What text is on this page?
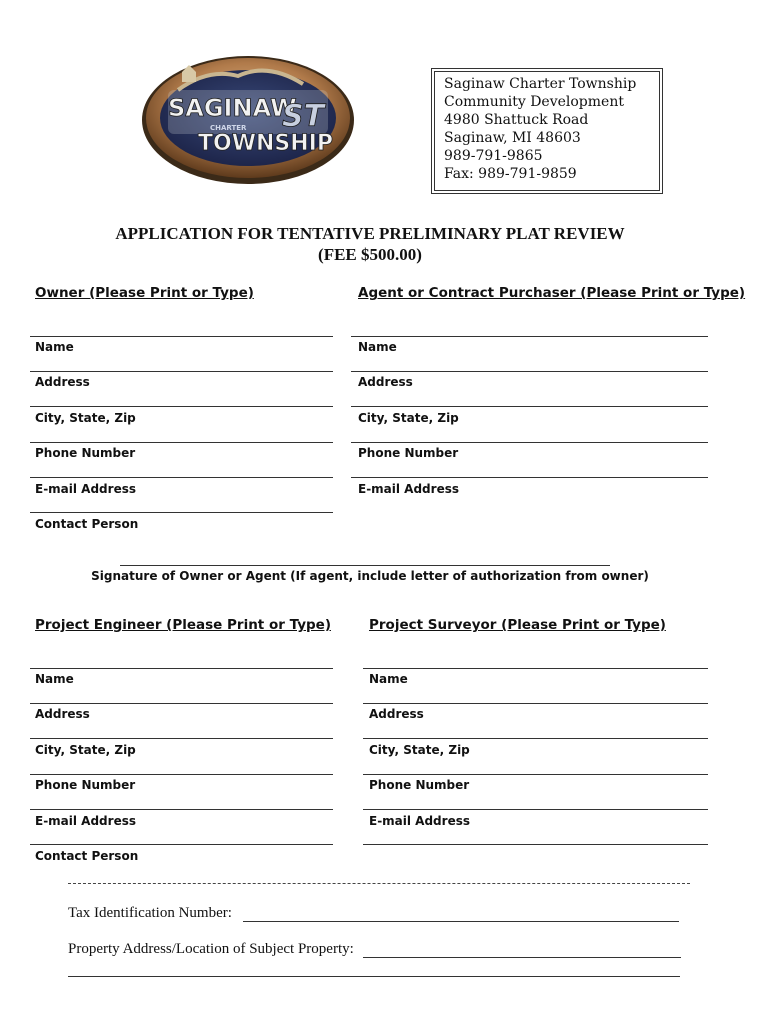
SAGINAW
CHARTER
TOWNSHIP
ST
Saginaw Charter Township
Community Development
4980 Shattuck Road
Saginaw, MI 48603
989-791-9865
Fax: 989-791-9859
APPLICATION FOR TENTATIVE PRELIMINARY PLAT REVIEW
(FEE $500.00)
Owner (Please Print or Type)	Agent or Contract Purchaser (Please Print or Type)
Name
Address
City, State, Zip
Phone Number
E-mail Address
Contact Person
Name
Address
City, State, Zip
Phone Number
E-mail Address
Signature of Owner or Agent (If agent, include letter of authorization from owner)
Project Engineer (Please Print or Type)	Project Surveyor (Please Print or Type)
Name
Address
City, State, Zip
Phone Number
E-mail Address
Contact Person
Name
Address
City, State, Zip
Phone Number
E-mail Address
Tax Identification Number:
Property Address/Location of Subject Property:
